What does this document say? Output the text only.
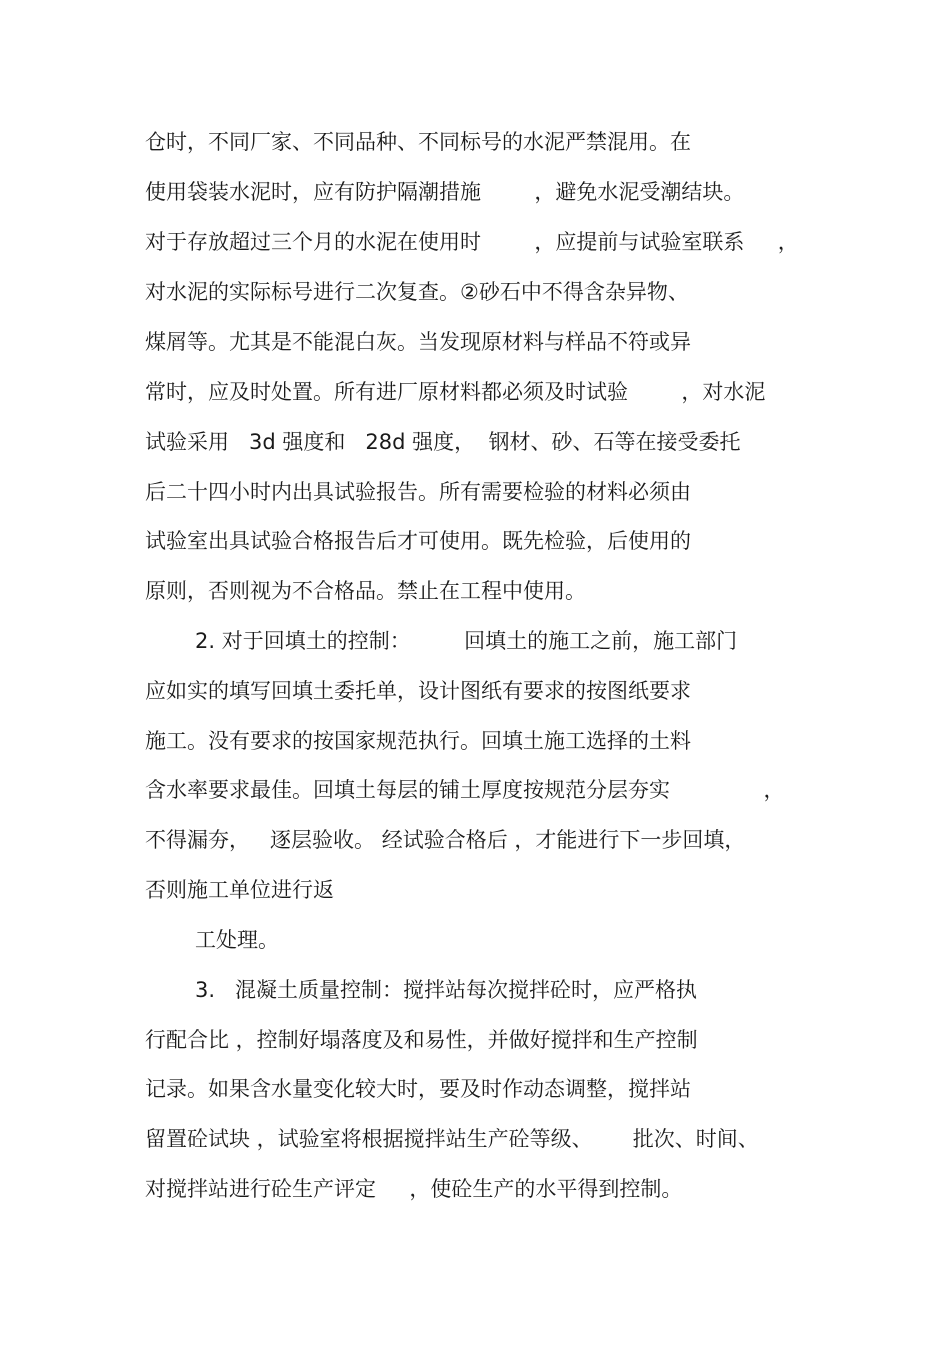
仓时，不同厂家、不同品种、不同标号的水泥严禁混用。在
使用袋装水泥时，应有防护隔潮措施        ，避免水泥受潮结块。
对于存放超过三个月的水泥在使用时        ，应提前与试验室联系     ，
对水泥的实际标号进行二次复查。②砂石中不得含杂异物、
煤屑等。尤其是不能混白灰。当发现原材料与样品不符或异
常时，应及时处置。所有进厂原材料都必须及时试验        ，对水泥
试验采用   3d 强度和   28d 强度，  钢材、砂、石等在接受委托
后二十四小时内出具试验报告。所有需要检验的材料必须由
试验室出具试验合格报告后才可使用。既先检验，后使用的
原则，否则视为不合格品。禁止在工程中使用。
2. 对于回填土的控制：        回填土的施工之前，施工部门
应如实的填写回填土委托单，设计图纸有要求的按图纸要求
施工。没有要求的按国家规范执行。回填土施工选择的土料
含水率要求最佳。回填土每层的铺土厚度按规范分层夯实              ，
不得漏夯，   逐层验收。 经试验合格后 ，才能进行下一步回填，
否则施工单位进行返
工处理。
3.   混凝土质量控制：搅拌站每次搅拌砼时，应严格执
行配合比 ，控制好塌落度及和易性，并做好搅拌和生产控制
记录。如果含水量变化较大时，要及时作动态调整，搅拌站
留置砼试块 ，试验室将根据搅拌站生产砼等级、      批次、时间、
对搅拌站进行砼生产评定     ，使砼生产的水平得到控制。
